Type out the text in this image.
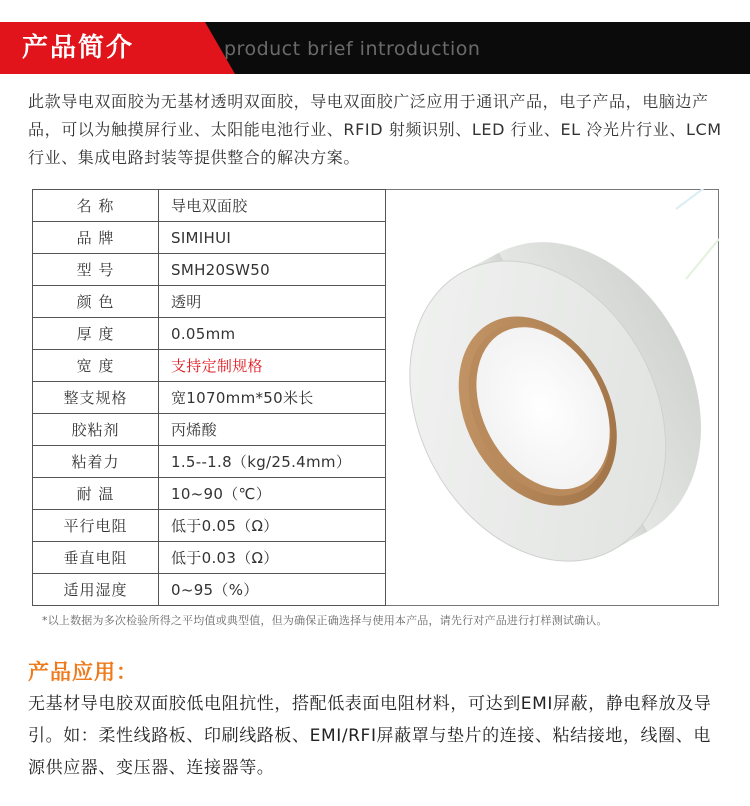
产品简介	product brief introduction

此款导电双面胶为无基材透明双面胶，导电双面胶广泛应用于通讯产品，电子产品，电脑边产品，可以为触摸屏行业、太阳能电池行业、RFID 射频识别、LED 行业、EL 冷光片行业、LCM 行业、集成电路封装等提供整合的解决方案。

名 称	导电双面胶
品 牌	SIMIHUI
型 号	SMH20SW50
颜 色	透明
厚 度	0.05mm
宽 度	支持定制规格
整支规格	宽1070mm*50米长
胶粘剂	丙烯酸
粘着力	1.5--1.8（kg/25.4mm）
耐 温	10~90（℃）
平行电阻	低于0.05（Ω）
垂直电阻	低于0.03（Ω）
适用湿度	0~95（%）
*以上数据为多次检验所得之平均值或典型值，但为确保正确选择与使用本产品，请先行对产品进行打样测试确认。
产品应用：

无基材导电胶双面胶低电阻抗性，搭配低表面电阻材料，可达到EMI屏蔽，静电释放及导引。如：柔性线路板、印刷线路板、EMI/RFI屏蔽罩与垫片的连接、粘结接地，线圈、电源供应器、变压器、连接器等。
